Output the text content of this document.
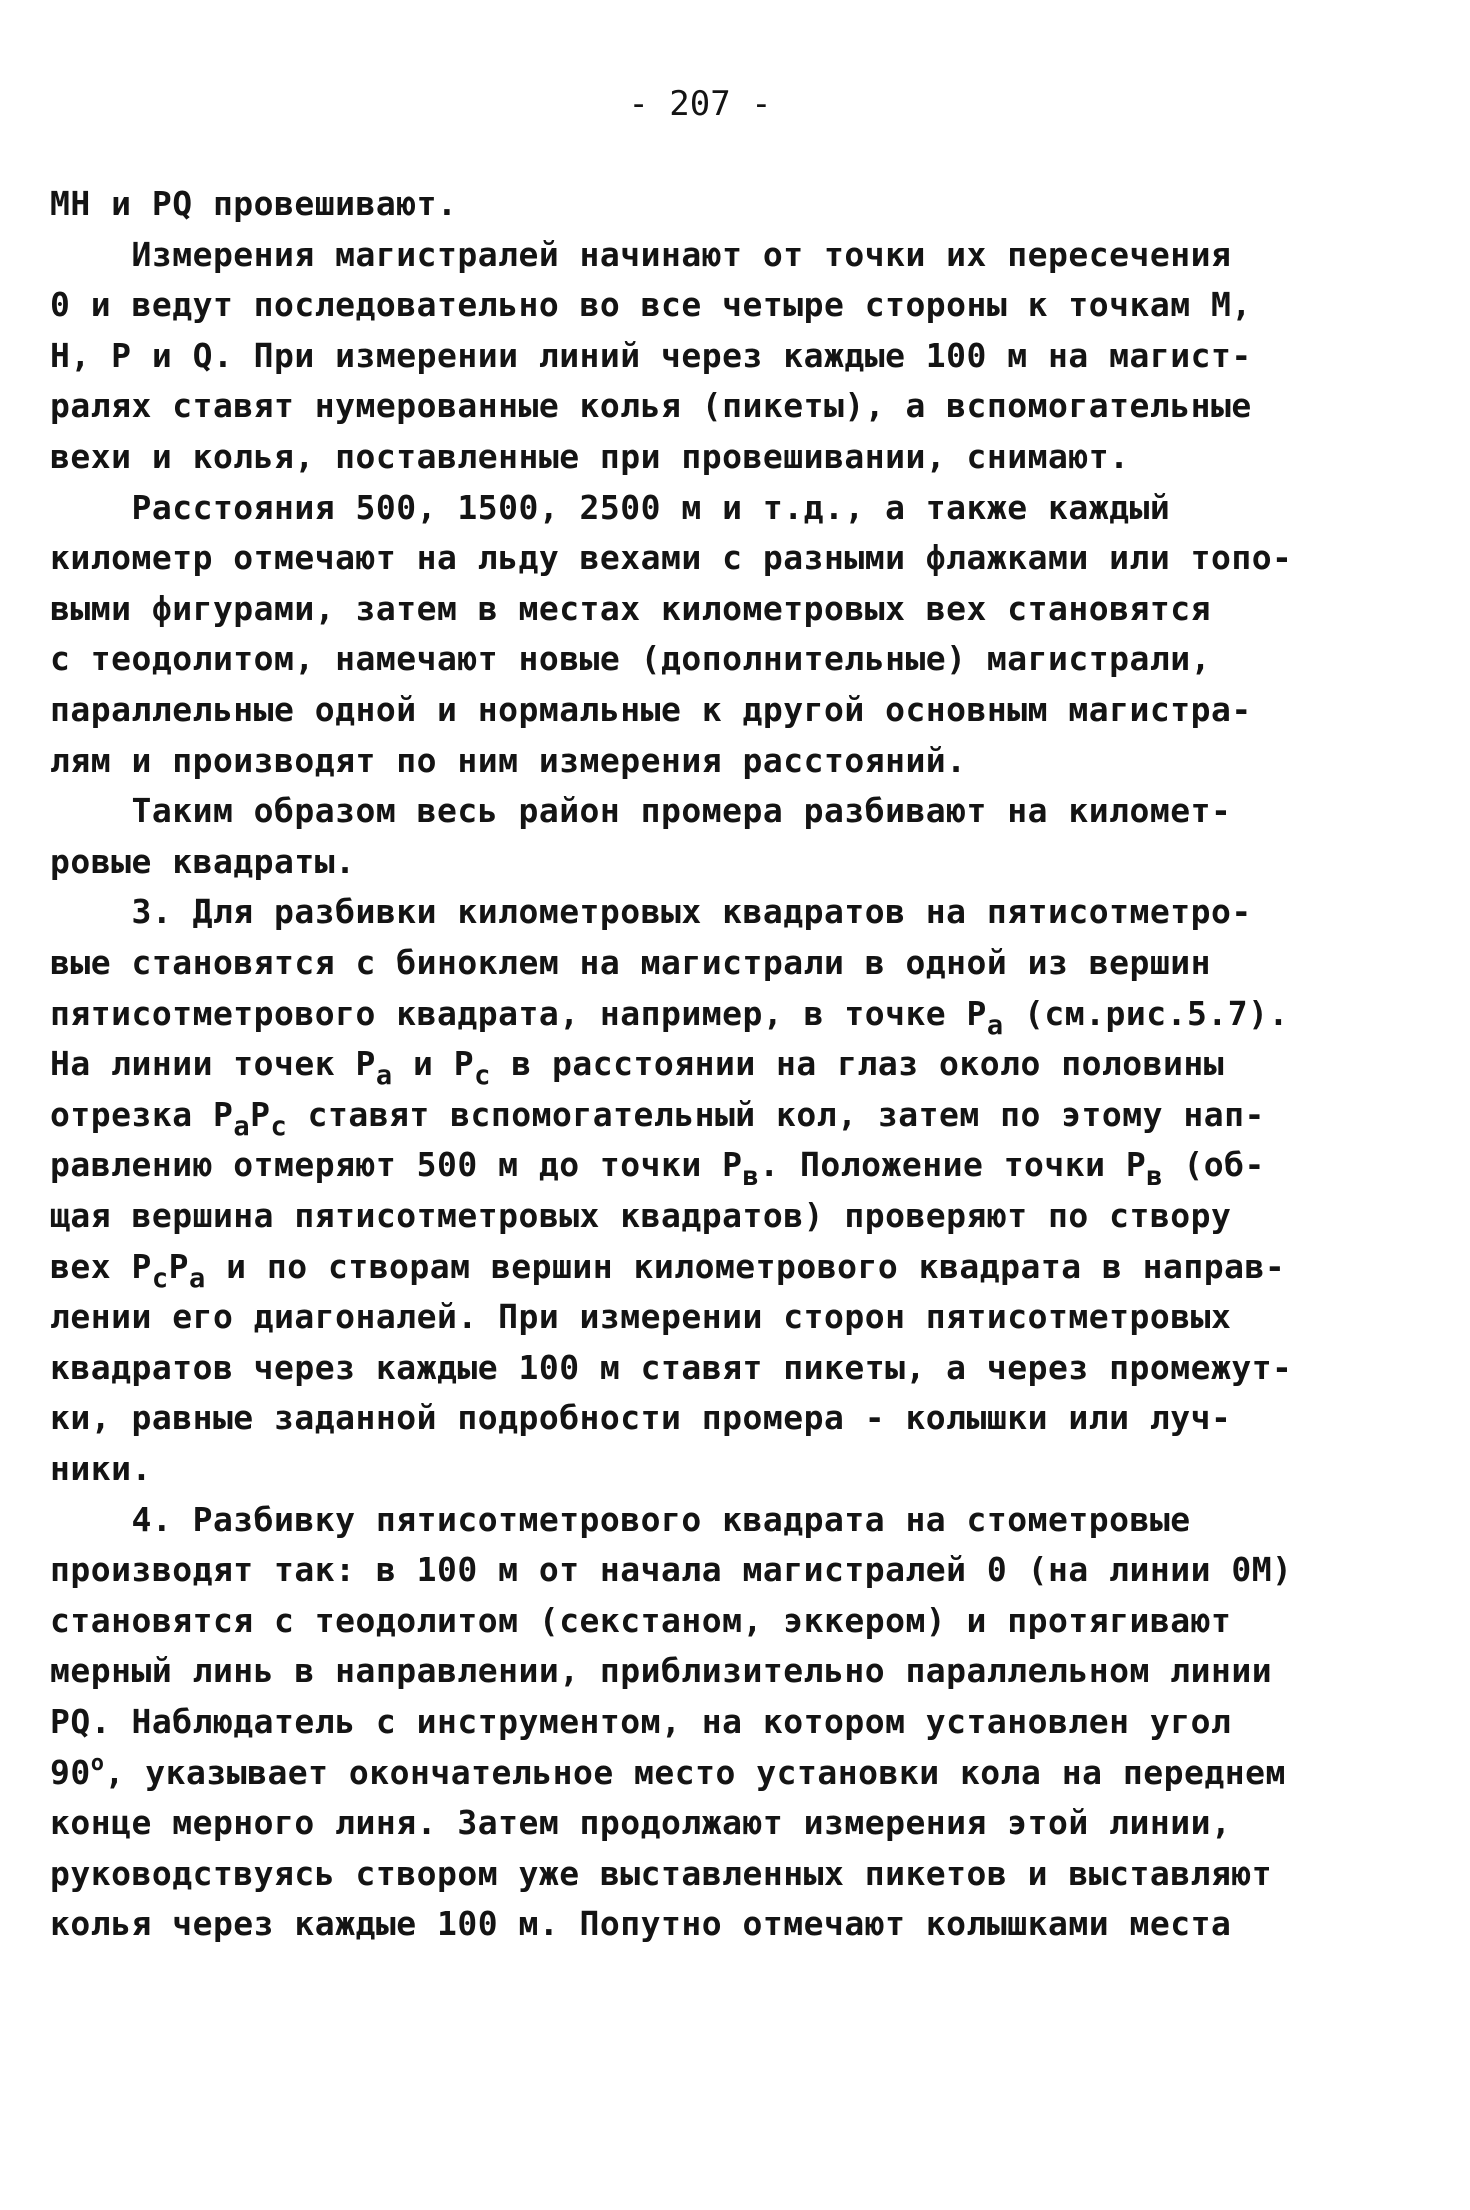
- 207 -
МН и PQ провешивают.
Измерения магистралей начинают от точки их пересечения
0 и ведут последовательно во все четыре стороны к точкам М,
Н, Р и Q. При измерении линий через каждые 100 м на магист-
ралях ставят нумерованные колья (пикеты), а вспомогательные
вехи и колья, поставленные при провешивании, снимают.
Расстояния 500, 1500, 2500 м и т.д., а также каждый
километр отмечают на льду вехами с разными флажками или топо-
выми фигурами, затем в местах километровых вех становятся
с теодолитом, намечают новые (дополнительные) магистрали,
параллельные одной и нормальные к другой основным магистра-
лям и производят по ним измерения расстояний.
Таким образом весь район промера разбивают на километ-
ровые квадраты.
3. Для разбивки километровых квадратов на пятисотметро-
вые становятся с биноклем на магистрали в одной из вершин
пятисотметрового квадрата, например, в точке $Р_а$ (см.рис.5.7).
На линии точек $Р_а$ и $Р_с$ в расстоянии на глаз около половины
отрезка $Р_аР_с$ ставят вспомогательный кол, затем по этому нап-
равлению отмеряют 500 м до точки $Р_в$. Положение точки $Р_в$ (об-
щая вершина пятисотметровых квадратов) проверяют по створу
вех $Р_сР_а$ и по створам вершин километрового квадрата в направ-
лении его диагоналей. При измерении сторон пятисотметровых
квадратов через каждые 100 м ставят пикеты, а через промежут-
ки, равные заданной подробности промера - колышки или луч-
ники.
4. Разбивку пятисотметрового квадрата на стометровые
производят так: в 100 м от начала магистралей 0 (на линии 0М)
становятся с теодолитом (секстаном, эккером) и протягивают
мерный линь в направлении, приблизительно параллельном линии
PQ. Наблюдатель с инструментом, на котором установлен угол
$90^о$, указывает окончательное место установки кола на переднем
конце мерного линя. Затем продолжают измерения этой линии,
руководствуясь створом уже выставленных пикетов и выставляют
колья через каждые 100 м. Попутно отмечают колышками места
